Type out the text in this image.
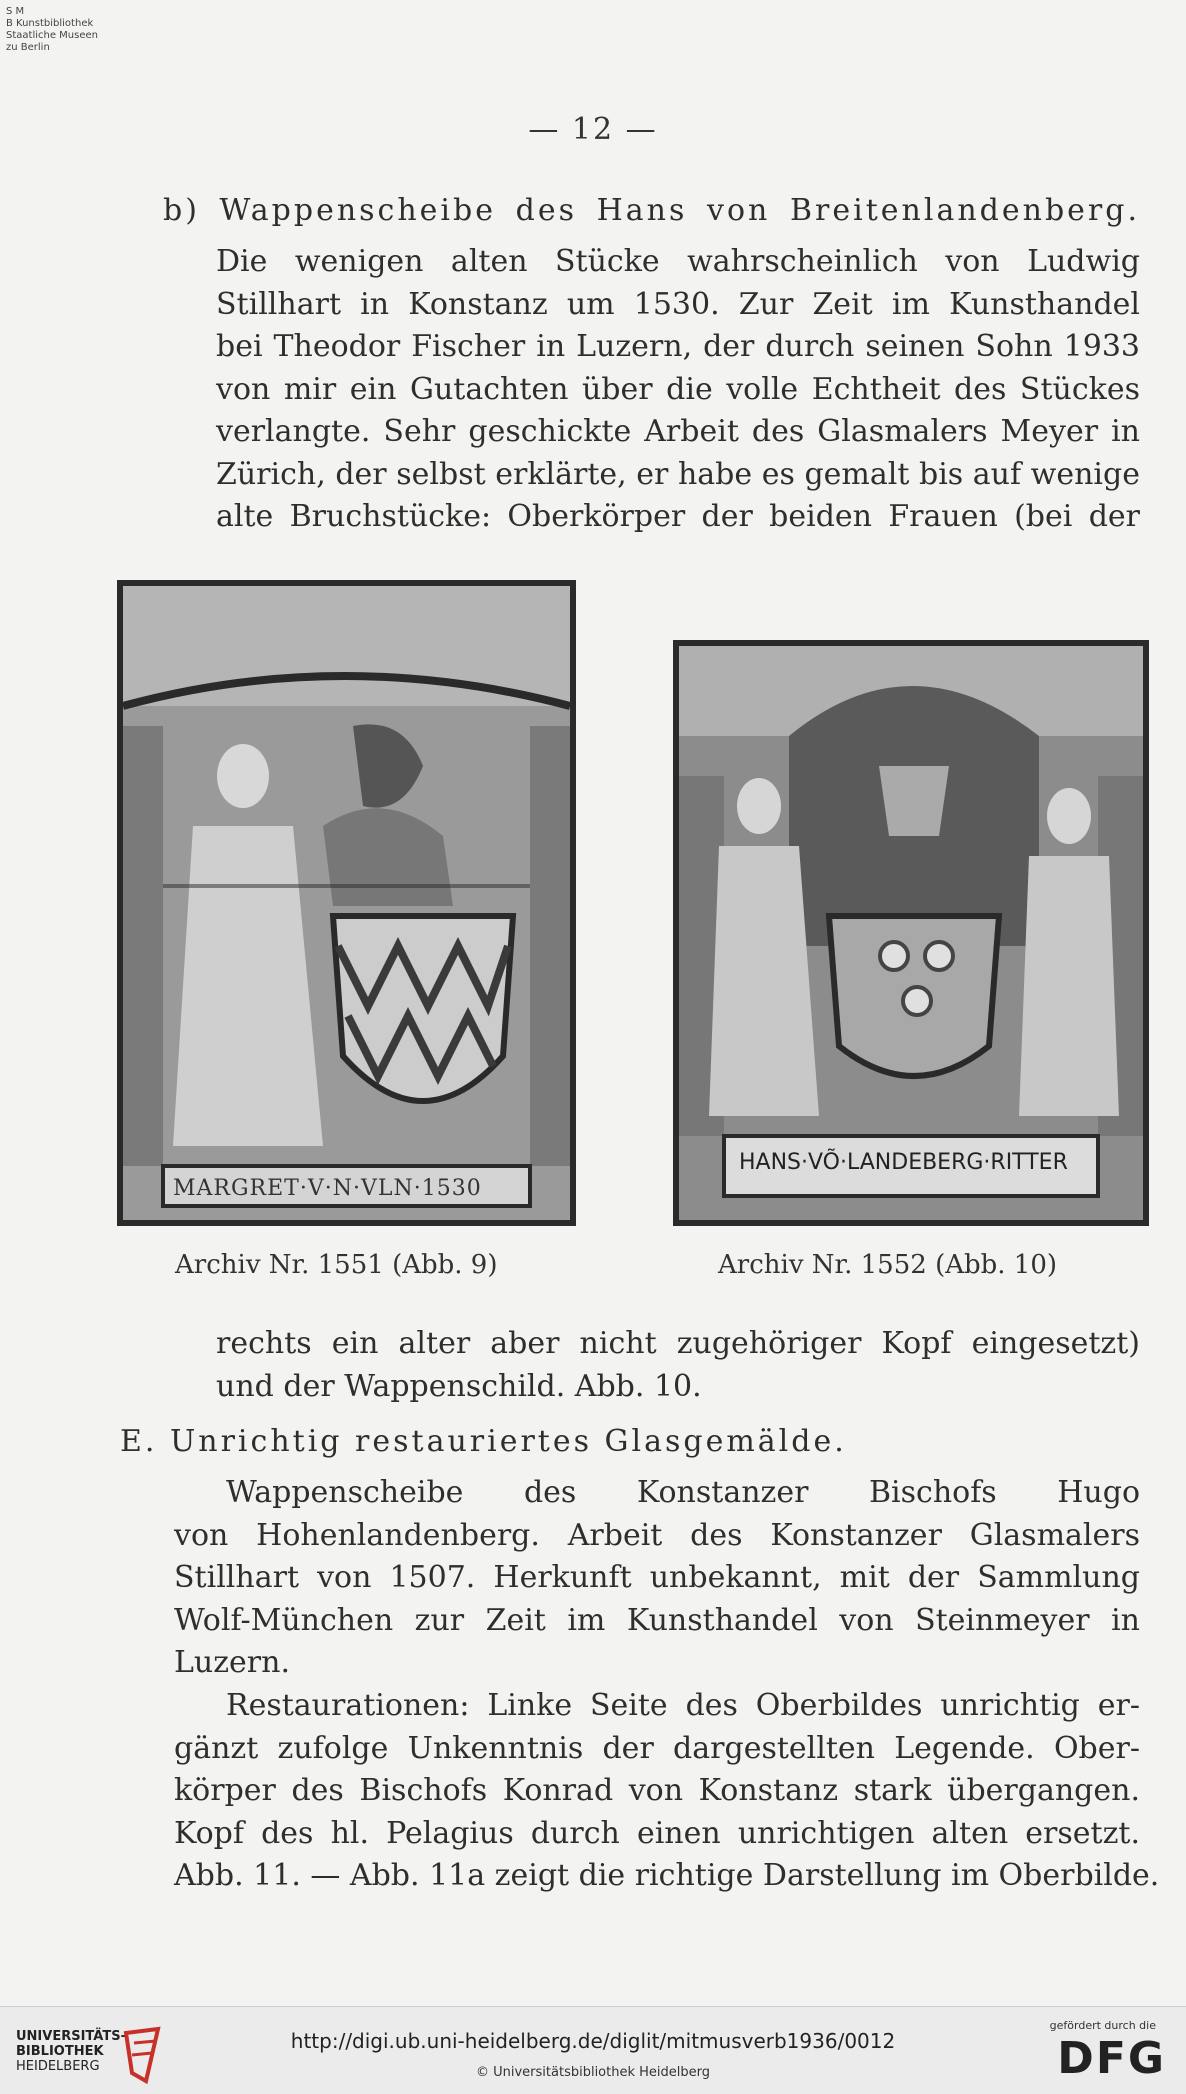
S M
B Kunstbibliothek
Staatliche Museen
zu Berlin
— 12 —
b) Wappenscheibe des Hans von Breitenlandenberg.
Die wenigen alten Stücke wahrscheinlich von Ludwig
Stillhart in Konstanz um 1530. Zur Zeit im Kunsthandel
bei Theodor Fischer in Luzern, der durch seinen Sohn 1933
von mir ein Gutachten über die volle Echtheit des Stückes
verlangte. Sehr geschickte Arbeit des Glasmalers Meyer in
Zürich, der selbst erklärte, er habe es gemalt bis auf wenige
alte Bruchstücke: Oberkörper der beiden Frauen (bei der
MARGRET·V·N·VLN·1530
HANS·VÕ·LANDEBERG·RITTER
Archiv Nr. 1551 (Abb. 9)	Archiv Nr. 1552 (Abb. 10)
rechts ein alter aber nicht zugehöriger Kopf eingesetzt)
und der Wappenschild. Abb. 10.
E. Unrichtig restauriertes Glasgemälde.
Wappenscheibe des Konstanzer Bischofs Hugo
von Hohenlandenberg. Arbeit des Konstanzer Glasmalers
Stillhart von 1507. Herkunft unbekannt, mit der Sammlung
Wolf-München zur Zeit im Kunsthandel von Steinmeyer in
Luzern.
Restaurationen: Linke Seite des Oberbildes unrichtig er-
gänzt zufolge Unkenntnis der dargestellten Legende. Ober-
körper des Bischofs Konrad von Konstanz stark übergangen.
Kopf des hl. Pelagius durch einen unrichtigen alten ersetzt.
Abb. 11. — Abb. 11a zeigt die richtige Darstellung im Oberbilde.
UNIVERSITÄTS-
BIBLIOTHEK
HEIDELBERG
http://digi.ub.uni-heidelberg.de/diglit/mitmusverb1936/0012
© Universitätsbibliothek Heidelberg
gefördert durch die
DFG
